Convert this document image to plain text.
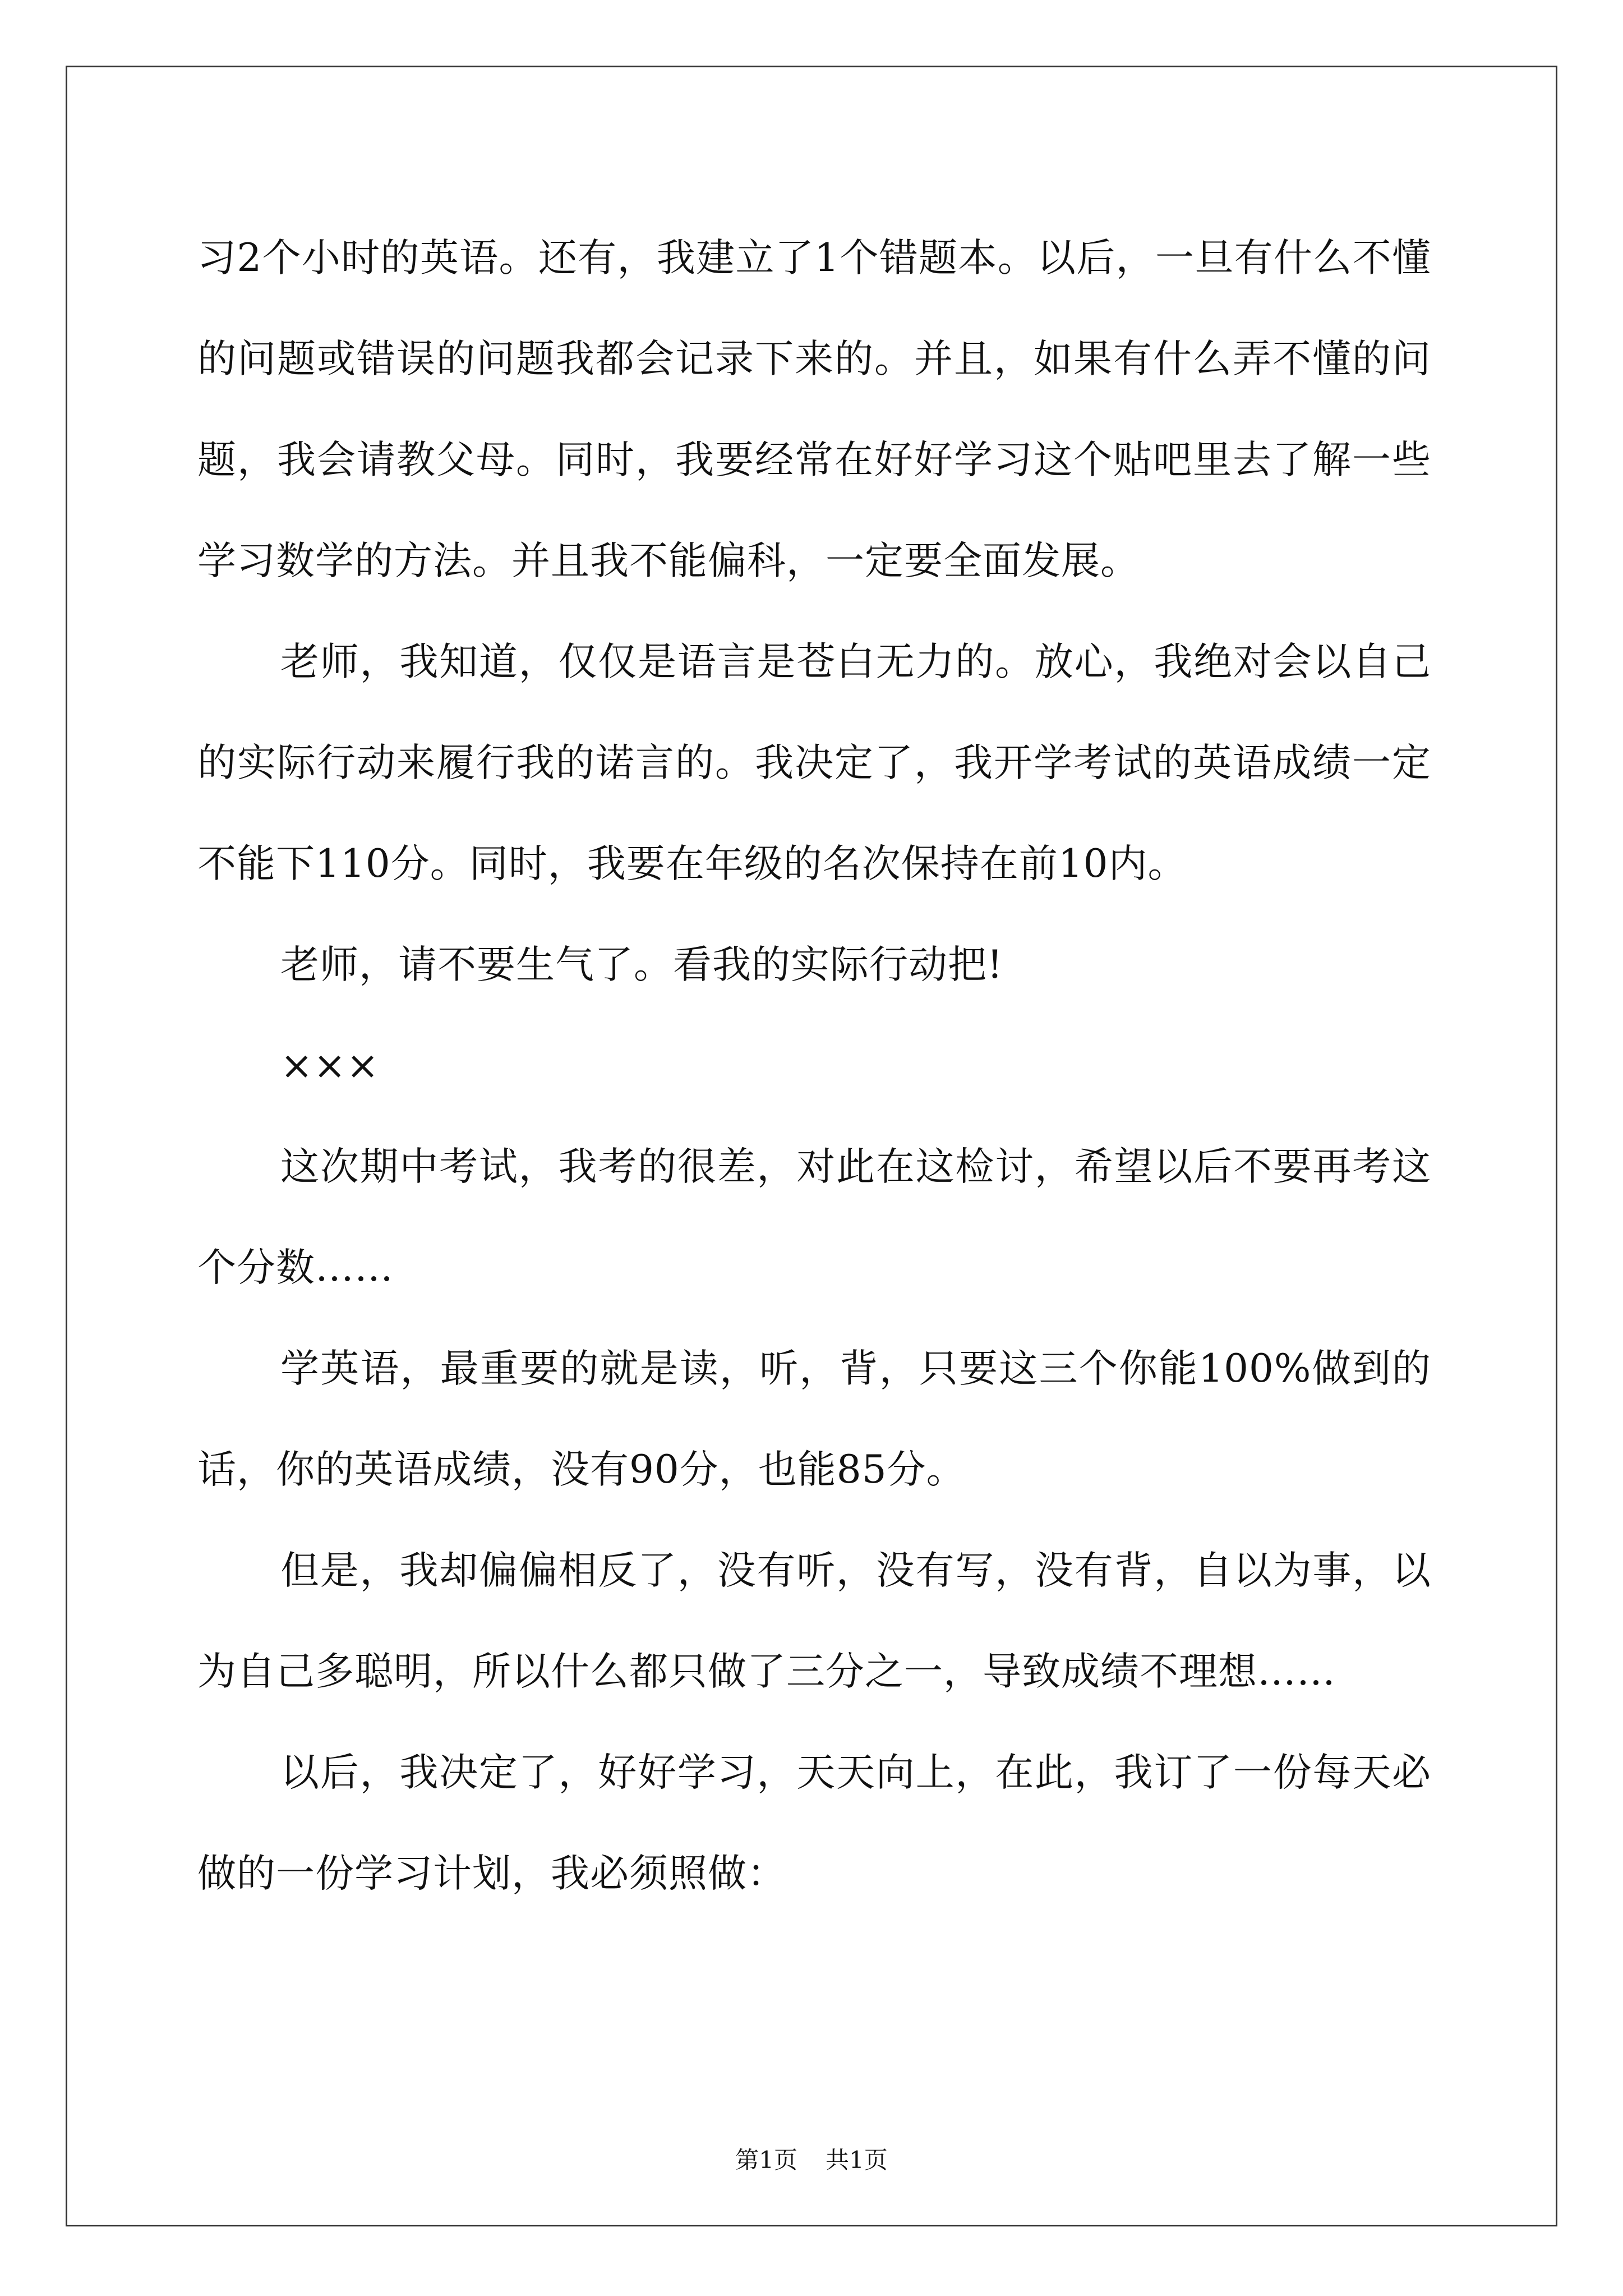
习2个小时的英语。还有，我建立了1个错题本。以后，一旦有什么不懂的问题或错误的问题我都会记录下来的。并且，如果有什么弄不懂的问题，我会请教父母。同时，我要经常在好好学习这个贴吧里去了解一些学习数学的方法。并且我不能偏科，一定要全面发展。

老师，我知道，仅仅是语言是苍白无力的。放心，我绝对会以自己的实际行动来履行我的诺言的。我决定了，我开学考试的英语成绩一定不能下110分。同时，我要在年级的名次保持在前10内。

老师，请不要生气了。看我的实际行动把!

×××

这次期中考试，我考的很差，对此在这检讨，希望以后不要再考这个分数……

学英语，最重要的就是读，听，背，只要这三个你能100%做到的话，你的英语成绩，没有90分，也能85分。

但是，我却偏偏相反了，没有听，没有写，没有背，自以为事，以为自己多聪明，所以什么都只做了三分之一，导致成绩不理想……

以后，我决定了，好好学习，天天向上，在此，我订了一份每天必做的一份学习计划，我必须照做：

第1页 共1页
